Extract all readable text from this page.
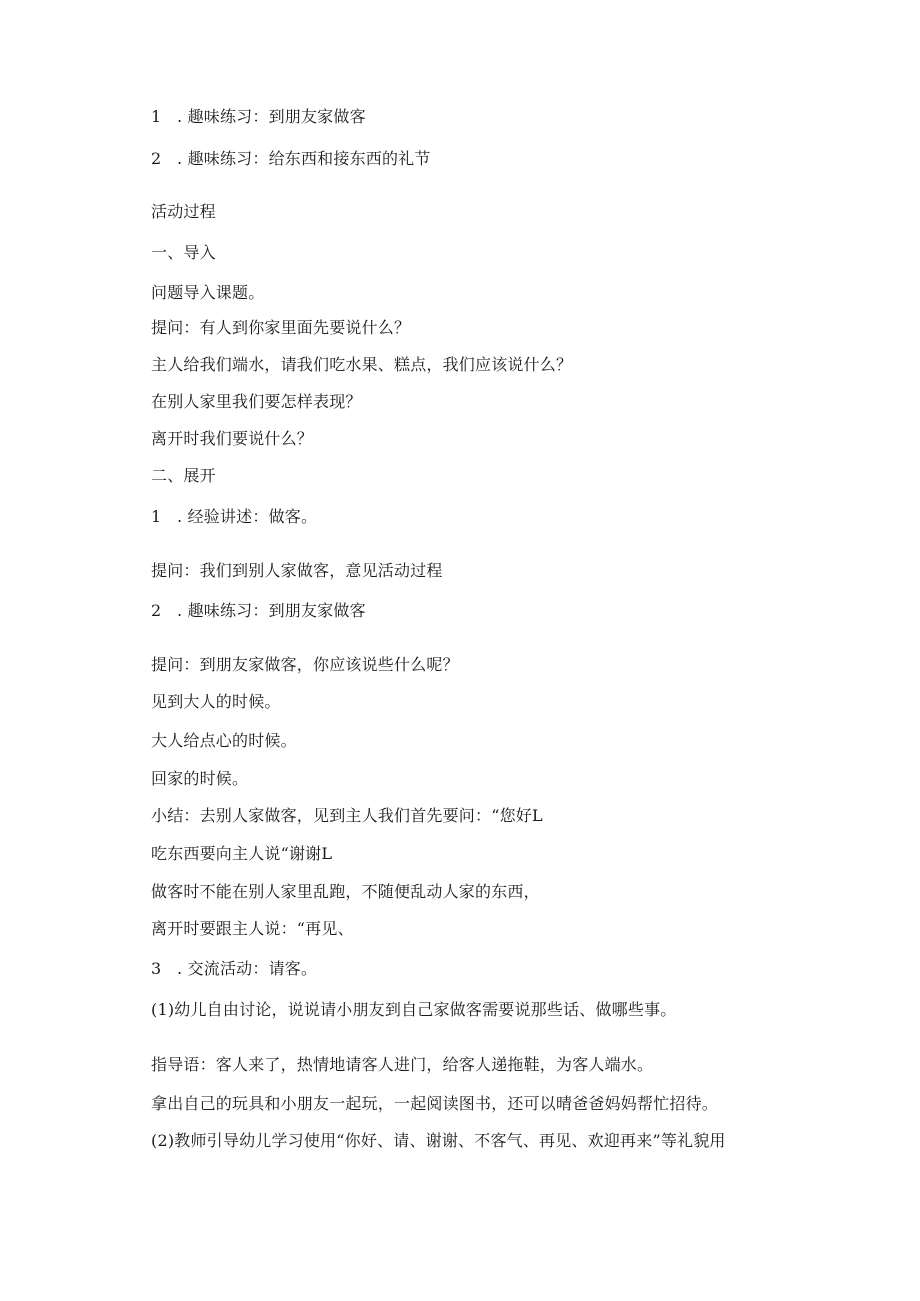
1 . 趣味练习：到朋友家做客
2 . 趣味练习：给东西和接东西的礼节
活动过程
一、导入
问题导入课题。
提问：有人到你家里面先要说什么？
主人给我们端水，请我们吃水果、糕点，我们应该说什么？
在别人家里我们要怎样表现？
离开时我们要说什么？
二、展开
1 . 经验讲述：做客。
提问：我们到别人家做客，意见活动过程
2 . 趣味练习：到朋友家做客
提问：到朋友家做客，你应该说些什么呢？
见到大人的时候。
大人给点心的时候。
回家的时候。
小结：去别人家做客，见到主人我们首先要问：“您好L
吃东西要向主人说“谢谢L
做客时不能在别人家里乱跑，不随便乱动人家的东西，
离开时要跟主人说：“再见、
3 . 交流活动：请客。
(1)幼儿自由讨论，说说请小朋友到自己家做客需要说那些话、做哪些事。
指导语：客人来了，热情地请客人进门，给客人递拖鞋，为客人端水。
拿出自己的玩具和小朋友一起玩，一起阅读图书，还可以晴爸爸妈妈帮忙招待。
(2)教师引导幼儿学习使用“你好、请、谢谢、不客气、再见、欢迎再来”等礼貌用
